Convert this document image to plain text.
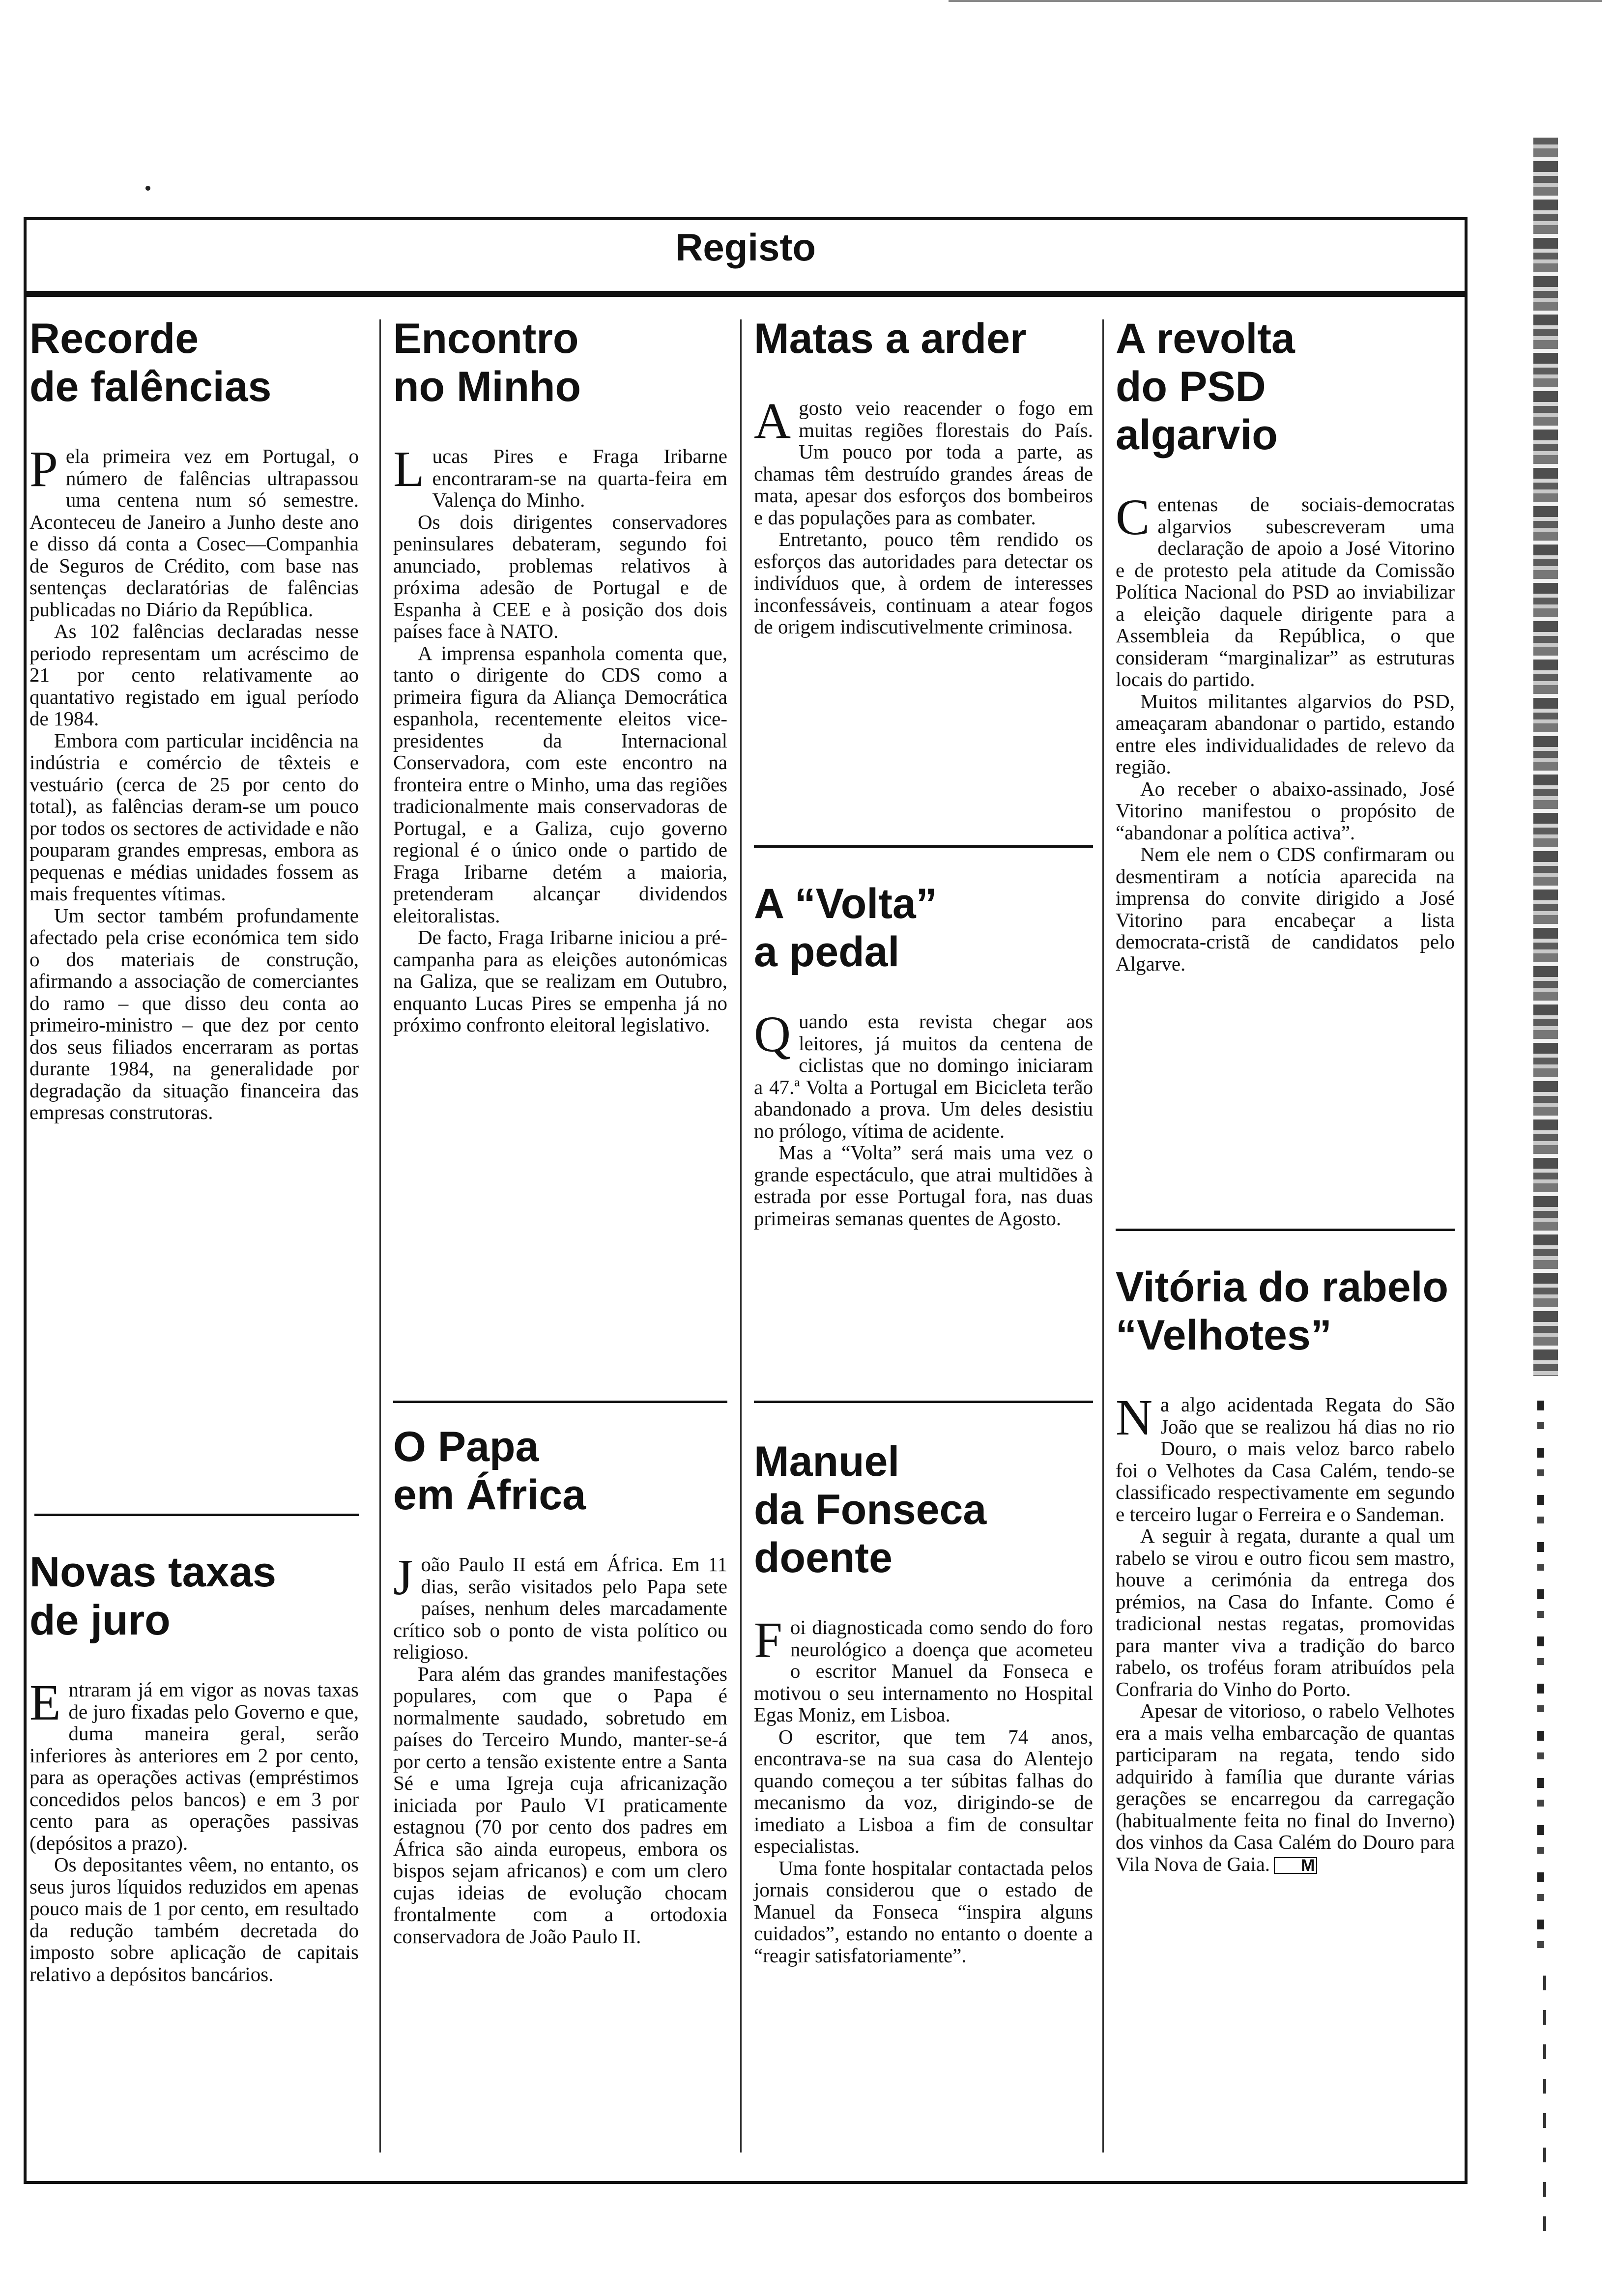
Registo
Recorde
de falências

Pela primeira vez em Portugal, o número de falências ultrapassou uma centena num só semestre. Aconteceu de Janeiro a Junho deste ano e disso dá conta a Cosec—Companhia de Seguros de Crédito, com base nas sentenças declaratórias de falências publicadas no Diário da República.

As 102 falências declaradas nesse periodo representam um acréscimo de 21 por cento relativamente ao quantativo registado em igual período de 1984.

Embora com particular incidência na indústria e comércio de têxteis e vestuário (cerca de 25 por cento do total), as falências deram-se um pouco por todos os sectores de actividade e não pouparam grandes empresas, embora as pequenas e médias unidades fossem as mais frequentes vítimas.

Um sector também profundamente afectado pela crise económica tem sido o dos materiais de construção, afirmando a associação de comerciantes do ramo – que disso deu conta ao primeiro-ministro – que dez por cento dos seus filiados encerraram as portas durante 1984, na generalidade por degradação da situação financeira das empresas construtoras.

Novas taxas
de juro

Entraram já em vigor as novas taxas de juro fixadas pelo Governo e que, duma maneira geral, serão inferiores às anteriores em 2 por cento, para as operações activas (empréstimos concedidos pelos bancos) e em 3 por cento para as operações passivas (depósitos a prazo).

Os depositantes vêem, no entanto, os seus juros líquidos reduzidos em apenas pouco mais de 1 por cento, em resultado da redução também decretada do imposto sobre aplicação de capitais relativo a depósitos bancários.

Encontro
no Minho

Lucas Pires e Fraga Iribarne encontraram-se na quarta-feira em Valença do Minho.

Os dois dirigentes conservadores peninsulares debateram, segundo foi anunciado, problemas relativos à próxima adesão de Portugal e de Espanha à CEE e à posição dos dois países face à NATO.

A imprensa espanhola comenta que, tanto o dirigente do CDS como a primeira figura da Aliança Democrática espanhola, recentemente eleitos vice-presidentes da Internacional Conservadora, com este encontro na fronteira entre o Minho, uma das regiões tradicionalmente mais conservadoras de Portugal, e a Galiza, cujo governo regional é o único onde o partido de Fraga Iribarne detém a maioria, pretenderam alcançar dividendos eleitoralistas.

De facto, Fraga Iribarne iniciou a pré-campanha para as eleições autonómicas na Galiza, que se realizam em Outubro, enquanto Lucas Pires se empenha já no próximo confronto eleitoral legislativo.

O Papa
em África

João Paulo II está em África. Em 11 dias, serão visitados pelo Papa sete países, nenhum deles marcadamente crítico sob o ponto de vista político ou religioso.

Para além das grandes manifestações populares, com que o Papa é normalmente saudado, sobretudo em países do Terceiro Mundo, manter-se-á por certo a tensão existente entre a Santa Sé e uma Igreja cuja africanização iniciada por Paulo VI praticamente estagnou (70 por cento dos padres em África são ainda europeus, embora os bispos sejam africanos) e com um clero cujas ideias de evolução chocam frontalmente com a ortodoxia conservadora de João Paulo II.

Matas a arder

Agosto veio reacender o fogo em muitas regiões florestais do País. Um pouco por toda a parte, as chamas têm destruído grandes áreas de mata, apesar dos esforços dos bombeiros e das populações para as combater.

Entretanto, pouco têm rendido os esforços das autoridades para detectar os indivíduos que, à ordem de interesses inconfessáveis, continuam a atear fogos de origem indiscutivelmente criminosa.

A “Volta”
a pedal

Quando esta revista chegar aos leitores, já muitos da centena de ciclistas que no domingo iniciaram a 47.ª Volta a Portugal em Bicicleta terão abandonado a prova. Um deles desistiu no prólogo, vítima de acidente.

Mas a “Volta” será mais uma vez o grande espectáculo, que atrai multidões à estrada por esse Portugal fora, nas duas primeiras semanas quentes de Agosto.

Manuel
da Fonseca
doente

Foi diagnosticada como sendo do foro neurológico a doença que acometeu o escritor Manuel da Fonseca e motivou o seu internamento no Hospital Egas Moniz, em Lisboa.

O escritor, que tem 74 anos, encontrava-se na sua casa do Alentejo quando começou a ter súbitas falhas do mecanismo da voz, dirigindo-se de imediato a Lisboa a fim de consultar especialistas.

Uma fonte hospitalar contactada pelos jornais considerou que o estado de Manuel da Fonseca “inspira alguns cuidados”, estando no entanto o doente a “reagir satisfatoriamente”.

A revolta
do PSD
algarvio

Centenas de sociais-democratas algarvios subescreveram uma declaração de apoio a José Vitorino e de protesto pela atitude da Comissão Política Nacional do PSD ao inviabilizar a eleição daquele dirigente para a Assembleia da República, o que consideram “marginalizar” as estruturas locais do partido.

Muitos militantes algarvios do PSD, ameaçaram abandonar o partido, estando entre eles individualidades de relevo da região.

Ao receber o abaixo-assinado, José Vitorino manifestou o propósito de “abandonar a política activa”.

Nem ele nem o CDS confirmaram ou desmentiram a notícia aparecida na imprensa do convite dirigido a José Vitorino para encabeçar a lista democrata-cristã de candidatos pelo Algarve.

Vitória do rabelo
“Velhotes”

Na algo acidentada Regata do São João que se realizou há dias no rio Douro, o mais veloz barco rabelo foi o Velhotes da Casa Calém, tendo-se classificado respectivamente em segundo e terceiro lugar o Ferreira e o Sandeman.

A seguir à regata, durante a qual um rabelo se virou e outro ficou sem mastro, houve a cerimónia da entrega dos prémios, na Casa do Infante. Como é tradicional nestas regatas, promovidas para manter viva a tradição do barco rabelo, os troféus foram atribuídos pela Confraria do Vinho do Porto.

Apesar de vitorioso, o rabelo Velhotes era a mais velha embarcação de quantas participaram na regata, tendo sido adquirido à família que durante várias gerações se encarregou da carregação (habitualmente feita no final do Inverno) dos vinhos da Casa Calém do Douro para Vila Nova de Gaia. M
